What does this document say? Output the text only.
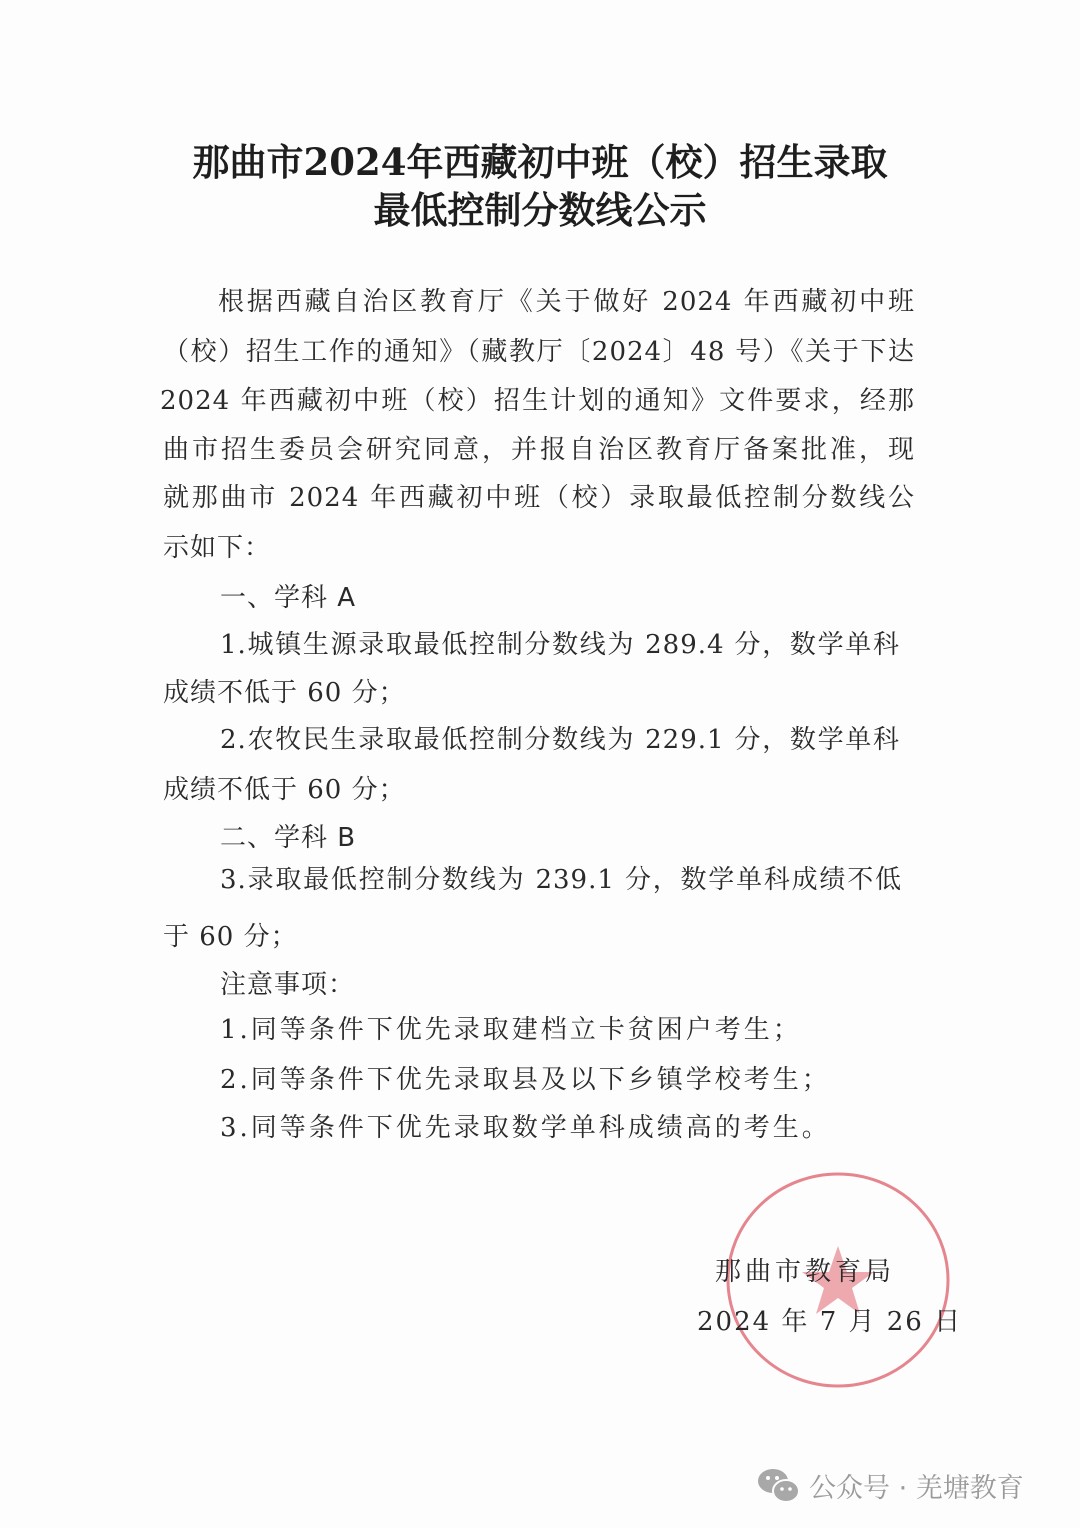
那曲市2024年西藏初中班（校）招生录取
最低控制分数线公示
根据西藏自治区教育厅《关于做好 2024 年西藏初中班
（校）招生工作的通知》（藏教厅〔2024〕48 号）《关于下达
2024 年西藏初中班（校）招生计划的通知》文件要求，经那
曲市招生委员会研究同意，并报自治区教育厅备案批准，现
就那曲市 2024 年西藏初中班（校）录取最低控制分数线公
示如下：
一、学科 A
1.城镇生源录取最低控制分数线为 289.4 分，数学单科
成绩不低于 60 分；
2.农牧民生录取最低控制分数线为 229.1 分，数学单科
成绩不低于 60 分；
二、学科 B
3.录取最低控制分数线为 239.1 分，数学单科成绩不低
于 60 分；
注意事项：
1.同等条件下优先录取建档立卡贫困户考生；
2.同等条件下优先录取县及以下乡镇学校考生；
3.同等条件下优先录取数学单科成绩高的考生。
那曲市教育局
2024 年 7 月 26 日
公众号 · 羌塘教育
